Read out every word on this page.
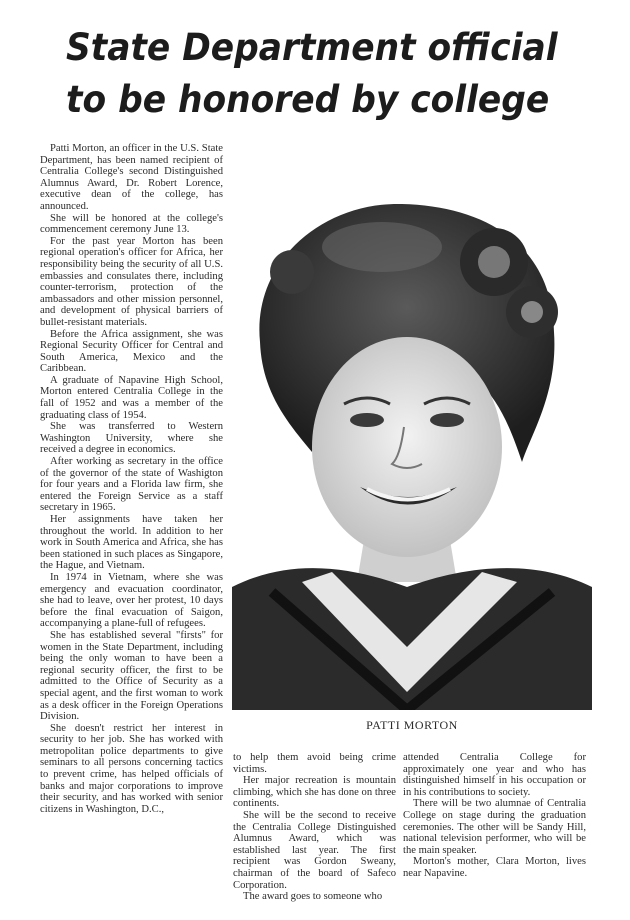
State Department official
to be honored by college

Patti Morton, an officer in the U.S. State Department, has been named recipient of Centralia College's second Distinguished Alumnus Award, Dr. Robert Lorence, executive dean of the college, has announced.

She will be honored at the college's commencement ceremony June 13.

For the past year Morton has been regional operation's officer for Africa, her responsibility being the security of all U.S. embassies and consulates there, including counter-terrorism, protection of the ambassadors and other mission personnel, and development of physical barriers of bullet-resistant materials.

Before the Africa assignment, she was Regional Security Officer for Central and South America, Mexico and the Caribbean.

A graduate of Napavine High School, Morton entered Centralia College in the fall of 1952 and was a member of the graduating class of 1954.

She was transferred to Western Washington University, where she received a degree in economics.

After working as secretary in the office of the governor of the state of Washigton for four years and a Florida law firm, she entered the Foreign Service as a staff secretary in 1965.

Her assignments have taken her throughout the world. In addition to her work in South America and Africa, she has been stationed in such places as Singapore, the Hague, and Vietnam.

In 1974 in Vietnam, where she was emergency and evacuation coordinator, she had to leave, over her protest, 10 days before the final evacuation of Saigon, accompanying a plane-full of refugees.

She has established several "firsts" for women in the State Department, including being the only woman to have been a regional security officer, the first to be admitted to the Office of Security as a special agent, and the first woman to work as a desk officer in the Foreign Operations Division.

She doesn't restrict her interest in security to her job. She has worked with metropolitan police departments to give seminars to all persons concerning tactics to prevent crime, has helped officials of banks and major corporations to improve their security, and has worked with senior citizens in Washington, D.C.,

PATTI MORTON

to help them avoid being crime victims.

Her major recreation is mountain climbing, which she has done on three continents.

She will be the second to receive the Centralia College Distinguished Alumnus Award, which was established last year. The first recipient was Gordon Sweany, chairman of the board of Safeco Corporation.

The award goes to someone who

attended Centralia College for approximately one year and who has distinguished himself in his occupation or in his contributions to society.

There will be two alumnae of Centralia College on stage during the graduation ceremonies. The other will be Sandy Hill, national television performer, who will be the main speaker.

Morton's mother, Clara Morton, lives near Napavine.
